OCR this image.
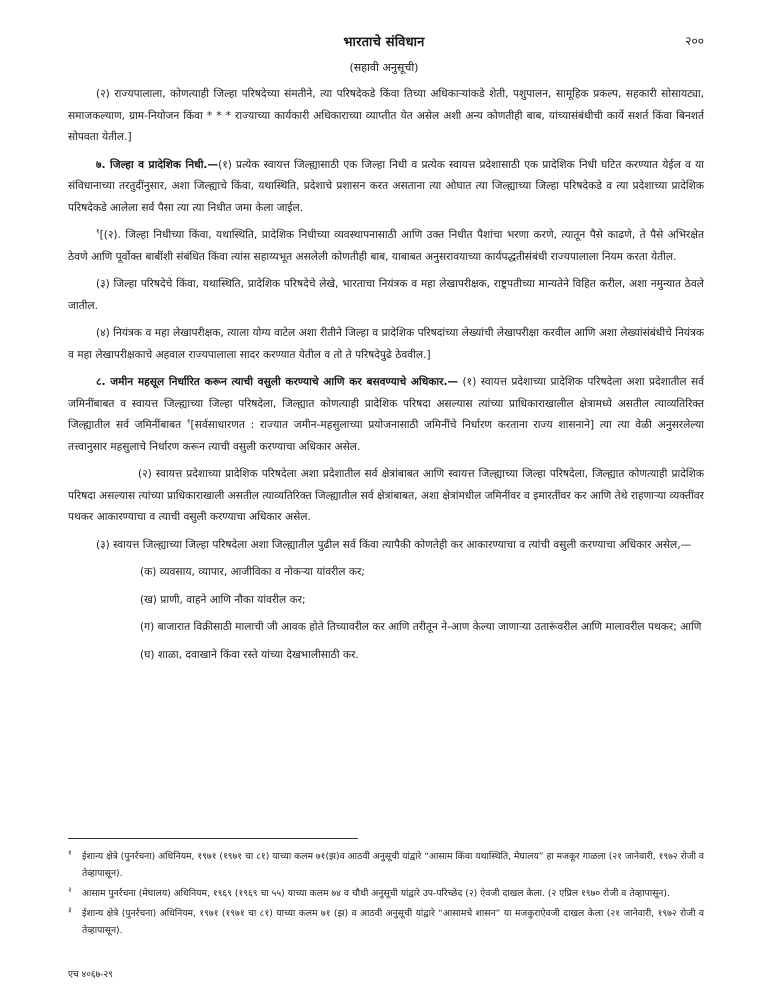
भारताचे संविधान	२००
(सहावी अनुसूची)

(२) राज्यपालाला, कोणत्याही जिल्हा परिषदेच्या संमतीने, त्या परिषदेकडे किंवा तिच्या अधिकाऱ्यांकडे शेती, पशुपालन, सामूहिक प्रकल्प, सहकारी सोसायट्या, समाजकल्याण, ग्राम-नियोजन किंवा * * * राज्याच्या कार्यकारी अधिकाराच्या व्याप्तीत येत असेल अशी अन्य कोणतीही बाब, यांच्यासंबंधीची कार्ये सशर्त किंवा बिनशर्त सोपवता येतील.]

७. जिल्हा व प्रादेशिक निधी.—(१) प्रत्येक स्वायत्त जिल्ह्यासाठी एक जिल्हा निधी व प्रत्येक स्वायत्त प्रदेशासाठी एक प्रादेशिक निधी घटित करण्यात येईल व या संविधानाच्या तरतुदींनुसार, अशा जिल्ह्याचे किंवा, यथास्थिति, प्रदेशाचे प्रशासन करत असताना त्या ओघात त्या जिल्ह्याच्या जिल्हा परिषदेकडे व त्या प्रदेशाच्या प्रादेशिक परिषदेकडे आलेला सर्व पैसा त्या त्या निधीत जमा केला जाईल.

$^१$[(२). जिल्हा निधीच्या किंवा, यथास्थिति, प्रादेशिक निधीच्या व्यवस्थापनासाठी आणि उक्त निधीत पैशांचा भरणा करणे, त्यातून पैसे काढणे, ते पैसे अभिरक्षेत ठेवणे आणि पूर्वोक्त बाबींशी संबंधित किंवा त्यांस सहाय्यभूत असलेली कोणतीही बाब, याबाबत अनुसरावयाच्या कार्यपद्धतीसंबंधी राज्यपालाला नियम करता येतील.

(३) जिल्हा परिषदेचे किंवा, यथास्थिति, प्रादेशिक परिषदेचे लेखे, भारताचा नियंत्रक व महा लेखापरीक्षक, राष्ट्रपतीच्या मान्यतेने विहित करील, अशा नमुन्यात ठेवले जातील.

(४) नियंत्रक व महा लेखापरीक्षक, त्याला योग्य वाटेल अशा रीतीने जिल्हा व प्रादेशिक परिषदांच्या लेख्यांची लेखापरीक्षा करवील आणि अशा लेख्यांसंबंधीचे नियंत्रक व महा लेखापरीक्षकाचे अहवाल राज्यपालाला सादर करण्यात येतील व तो ते परिषदेपुढे ठेववील.]

८. जमीन महसूल निर्धारित करून त्याची वसुली करण्याचे आणि कर बसवण्याचे अधिकार.— (१) स्वायत्त प्रदेशाच्या प्रादेशिक परिषदेला अशा प्रदेशातील सर्व जमिनींबाबत व स्वायत्त जिल्ह्याच्या जिल्हा परिषदेला, जिल्ह्यात कोणत्याही प्रादेशिक परिषदा असल्यास त्यांच्या प्राधिकाराखालील क्षेत्रामध्ये असतील त्याव्यतिरिक्त जिल्ह्यातील सर्व जमिनींबाबत $^१$[सर्वसाधारणत : राज्यात जमीन-महसुलाच्या प्रयोजनासाठी जमिनींचे निर्धारण करताना राज्य शासनाने] त्या त्या वेळी अनुसरलेल्या तत्त्वानुसार महसुलाचे निर्धारण करून त्याची वसुली करण्याचा अधिकार असेल.

(२) स्वायत्त प्रदेशाच्या प्रादेशिक परिषदेला अशा प्रदेशातील सर्व क्षेत्रांबाबत आणि स्वायत्त जिल्ह्याच्या जिल्हा परिषदेला, जिल्ह्यात कोणत्याही प्रादेशिक परिषदा असल्यास त्यांच्या प्राधिकाराखाली असतील त्याव्यतिरिक्त जिल्ह्यातील सर्व क्षेत्रांबाबत, अशा क्षेत्रांमधील जमिनींवर व इमारतींवर कर आणि तेथे राहणाऱ्या व्यक्तींवर पथकर आकारण्याचा व त्याची वसुली करण्याचा अधिकार असेल.

(३) स्वायत्त जिल्ह्याच्या जिल्हा परिषदेला अशा जिल्ह्यातील पुढील सर्व किंवा त्यापैकी कोणतेही कर आकारण्याचा व त्यांची वसुली करण्याचा अधिकार असेल,—

(क) व्यवसाय, व्यापार, आजीविका व नोकऱ्या यांवरील कर;

(ख) प्राणी, वाहने आणि नौका यांवरील कर;

(ग) बाजारात विक्रीसाठी मालाची जी आवक होते तिच्यावरील कर आणि तरीतून ने-आण केल्या जाणाऱ्या उतारूंवरील आणि मालावरील पथकर; आणि

(घ) शाळा, दवाखाने किंवा रस्ते यांच्या देखभालीसाठी कर.

१ ईशान्य क्षेत्रे (पुनर्रचना) अधिनियम, १९७१ (१९७१ चा ८१) याच्या कलम ७१(झ)व आठवी अनुसूची यांद्वारे “आसाम किंवा यथास्थिति, मेघालय” हा मजकूर गाळला (२१ जानेवारी, १९७२ रोजी व तेव्हापासून).
२ आसाम पुनर्रचना (मेघालय) अधिनियम, १९६९ (१९६९ चा ५५) याच्या कलम ७४ व चौथी अनुसूची यांद्वारे उप-परिच्छेद (२) ऐवजी दाखल केला. (२ एप्रिल १९७० रोजी व तेव्हापासून).
३ ईशान्य क्षेत्रे (पुनर्रचना) अधिनियम, १९७१ (१९७१ चा ८१) याच्या कलम ७१ (झ) व आठवी अनुसूची यांद्वारे “आसामचे शासन” या मजकुराऐवजी दाखल केला (२१ जानेवारी, १९७२ रोजी व तेव्हापासून).
एच ४०६७-२९
